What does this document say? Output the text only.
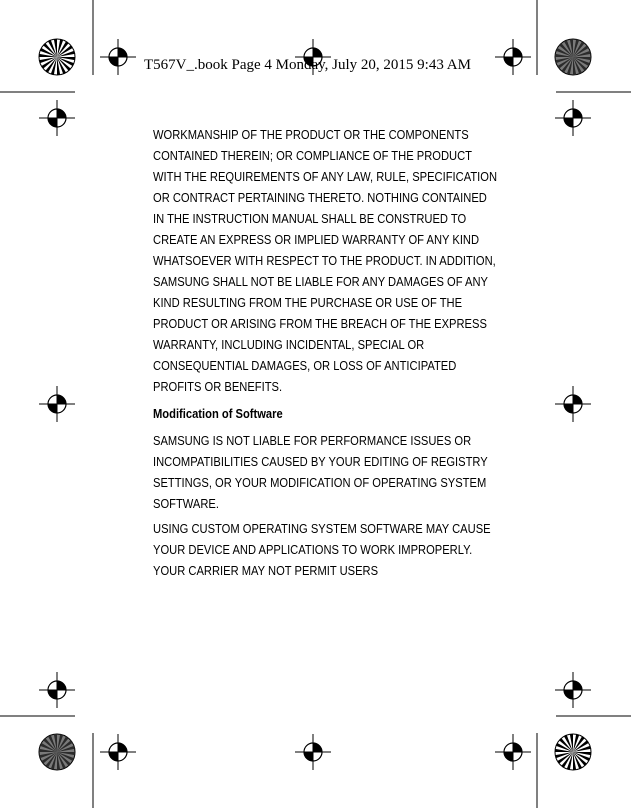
T567V_.book Page 4 Monday, July 20, 2015 9:43 AM

WORKMANSHIP OF THE PRODUCT OR THE COMPONENTS CONTAINED THEREIN; OR COMPLIANCE OF THE PRODUCT WITH THE REQUIREMENTS OF ANY LAW, RULE, SPECIFICATION OR CONTRACT PERTAINING THERETO. NOTHING CONTAINED IN THE INSTRUCTION MANUAL SHALL BE CONSTRUED TO CREATE AN EXPRESS OR IMPLIED WARRANTY OF ANY KIND WHATSOEVER WITH RESPECT TO THE PRODUCT. IN ADDITION, SAMSUNG SHALL NOT BE LIABLE FOR ANY DAMAGES OF ANY KIND RESULTING FROM THE PURCHASE OR USE OF THE PRODUCT OR ARISING FROM THE BREACH OF THE EXPRESS WARRANTY, INCLUDING INCIDENTAL, SPECIAL OR CONSEQUENTIAL DAMAGES, OR LOSS OF ANTICIPATED PROFITS OR BENEFITS.

Modification of Software

SAMSUNG IS NOT LIABLE FOR PERFORMANCE ISSUES OR INCOMPATIBILITIES CAUSED BY YOUR EDITING OF REGISTRY SETTINGS, OR YOUR MODIFICATION OF OPERATING SYSTEM SOFTWARE.

USING CUSTOM OPERATING SYSTEM SOFTWARE MAY CAUSE YOUR DEVICE AND APPLICATIONS TO WORK IMPROPERLY. YOUR CARRIER MAY NOT PERMIT USERS
